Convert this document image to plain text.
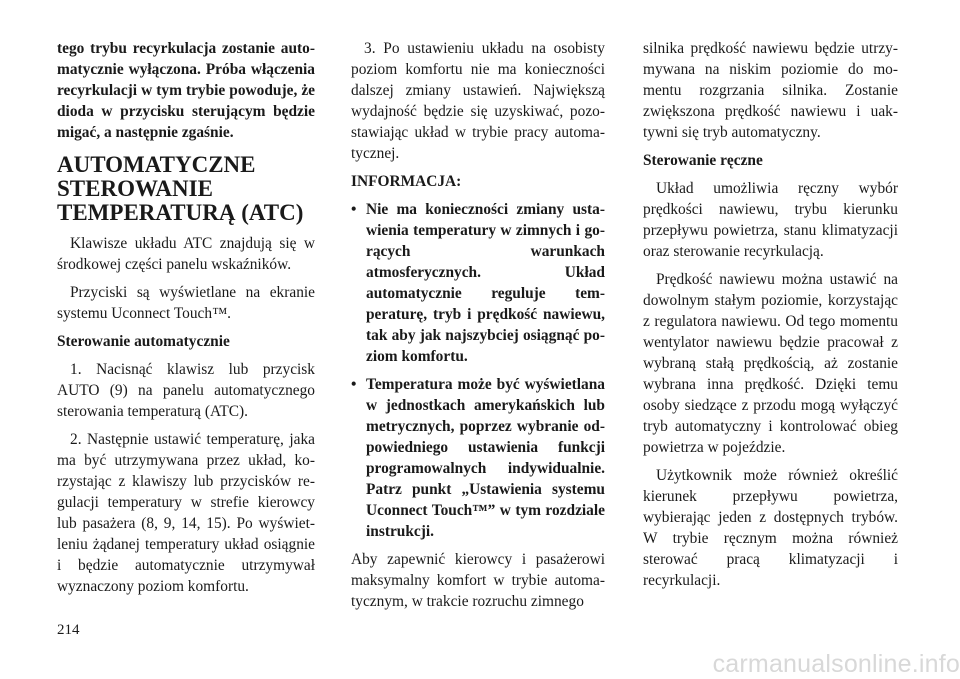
tego trybu recyrkulacja zostanie automatycznie wyłączona. Próba włączenia recyrkulacji w tym trybie powoduje, że dioda w przycisku sterującym będzie migać, a następnie zgaśnie.

AUTOMATYCZNE STEROWANIE TEMPERATURĄ (ATC)

Klawisze układu ATC znajdują się w środkowej części panelu wskaźników.

Przyciski są wyświetlane na ekranie systemu Uconnect Touch™.

Sterowanie automatycznie

1. Nacisnąć klawisz lub przycisk AUTO (9) na panelu automatycznego sterowania temperaturą (ATC).

2. Następnie ustawić temperaturę, jaka ma być utrzymywana przez układ, korzystając z klawiszy lub przycisków regulacji temperatury w strefie kierowcy lub pasażera (8, 9, 14, 15). Po wyświetleniu żądanej temperatury układ osiągnie i będzie automatycznie utrzymywał wyznaczony poziom komfortu.

3. Po ustawieniu układu na osobisty poziom komfortu nie ma konieczności dalszej zmiany ustawień. Największą wydajność będzie się uzyskiwać, pozostawiając układ w trybie pracy automatycznej.

INFORMACJA:

• Nie ma konieczności zmiany ustawienia temperatury w zimnych i gorących warunkach atmosferycznych. Układ automatycznie reguluje temperaturę, tryb i prędkość nawiewu, tak aby jak najszybciej osiągnąć poziom komfortu.
• Temperatura może być wyświetlana w jednostkach amerykańskich lub metrycznych, poprzez wybranie odpowiedniego ustawienia funkcji programowalnych indywidualnie. Patrz punkt „Ustawienia systemu Uconnect Touch™” w tym rozdziale instrukcji.

Aby zapewnić kierowcy i pasażerowi maksymalny komfort w trybie automatycznym, w trakcie rozruchu zimnego

silnika prędkość nawiewu będzie utrzymywana na niskim poziomie do momentu rozgrzania silnika. Zostanie zwiększona prędkość nawiewu i uaktywni się tryb automatyczny.

Sterowanie ręczne

Układ umożliwia ręczny wybór prędkości nawiewu, trybu kierunku przepływu powietrza, stanu klimatyzacji oraz sterowanie recyrkulacją.

Prędkość nawiewu można ustawić na dowolnym stałym poziomie, korzystając z regulatora nawiewu. Od tego momentu wentylator nawiewu będzie pracował z wybraną stałą prędkością, aż zostanie wybrana inna prędkość. Dzięki temu osoby siedzące z przodu mogą wyłączyć tryb automatyczny i kontrolować obieg powietrza w pojeździe.

Użytkownik może również określić kierunek przepływu powietrza, wybierając jeden z dostępnych trybów. W trybie ręcznym można również sterować pracą klimatyzacji i recyrkulacji.

214
carmanualsonline.info
